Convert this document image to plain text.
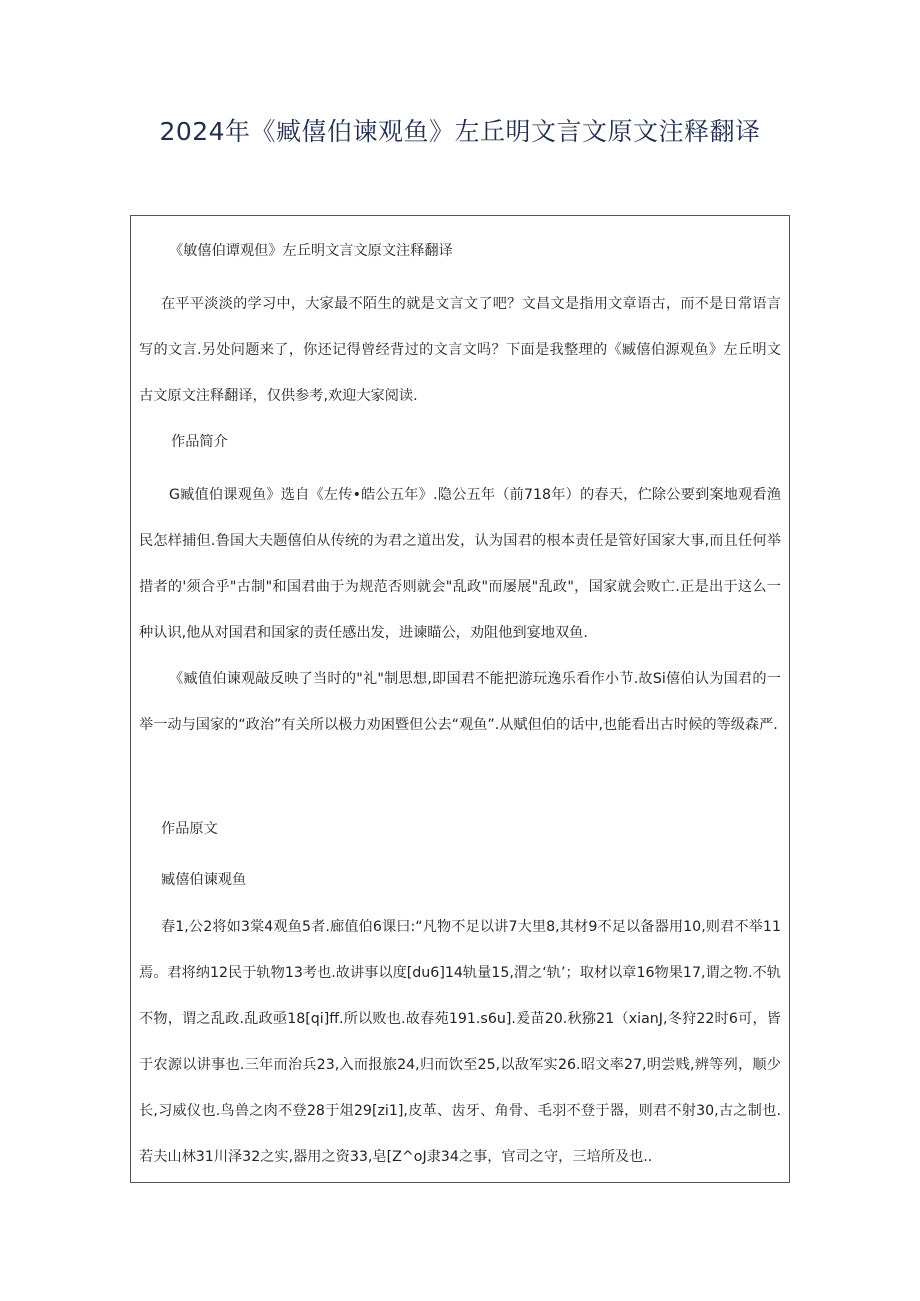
2024年《臧僖伯谏观鱼》左丘明文言文原文注释翻译

《敏僖伯谭观但》左丘明文言文原文注释翻译

在平平淡淡的学习中，大家最不陌生的就是文言文了吧？文昌文是指用文章语古，而不是日常语言写的文言.另处问题来了，你还记得曾经背过的文言文吗？下面是我整理的《臧僖伯源观鱼》左丘明文古文原文注释翻译，仅供参考,欢迎大家阅读.

作品简介

G臧值伯课观鱼》选自《左传•皓公五年》.隐公五年（前718年）的春天，伫除公要到案地观看渔民怎样捕但.鲁国大夫题僖伯从传统的为君之道出发，认为国君的根本责任是管好国家大事,而且任何举措者的'须合乎"古制"和国君曲于为规范否则就会"乱政"而屡展"乱政"，国家就会败亡.正是出于这么一种认识,他从对国君和国家的责任感出发，进谏瞄公，劝阻他到宴地双鱼.

《臧值伯谏观敲反映了当时的"礼"制思想,即国君不能把游玩逸乐看作小节.故Si僖伯认为国君的一举一动与国家的“政治”有关所以极力劝困暨但公去“观鱼”.从赋但伯的话中,也能看出古时候的等级森严.

作品原文

臧僖伯谏观鱼

春1,公2将如3棠4观鱼5者.廊值伯6课曰:“凡物不足以讲7大里8,其材9不足以备器用10,则君不举11焉。君将纳12民于轨物13考也.故讲事以度[du6]14轨量15,渭之‘轨’；取材以章16物果17,谓之物.不轨不物，谓之乱政.乱政亟18[qi]ff.所以败也.故春苑191.s6u].爰苗20.秋猕21（xianJ,冬狩22时6可，皆于农源以讲事也.三年而治兵23,入而报旅24,归而饮至25,以敌军实26.昭文率27,明尝贱,辨等列，顺少长,习威仪也.鸟兽之肉不登28于俎29[zi1],皮革、齿牙、角骨、毛羽不登于器，则君不射30,古之制也.若夫山林31川泽32之实,器用之资33,皂[Z^oJ隶34之事，官司之守，三培所及也..
